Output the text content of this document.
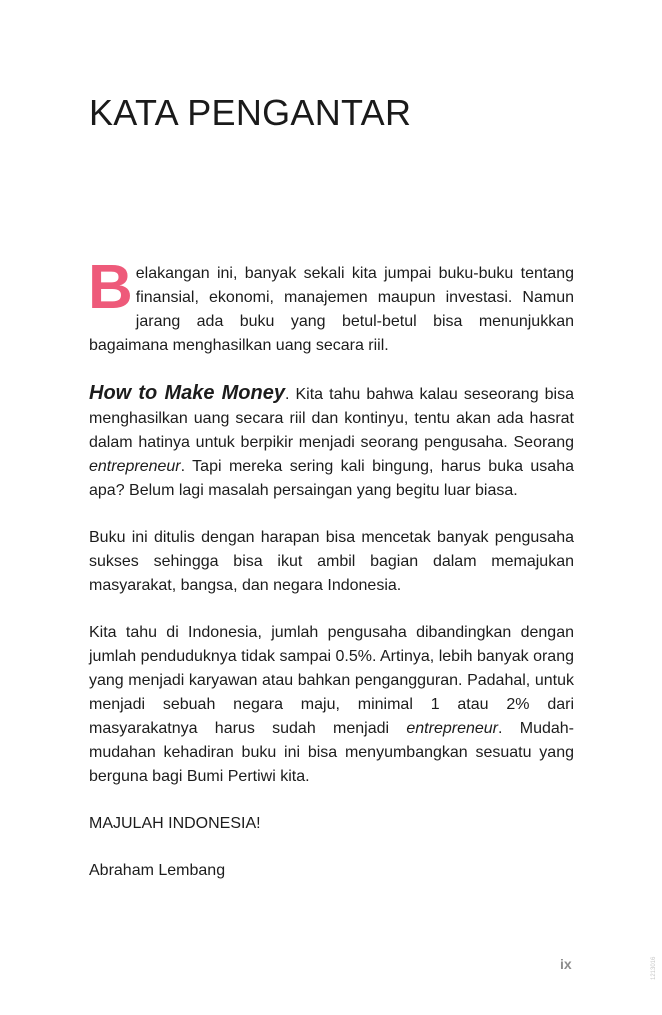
KATA PENGANTAR

Belakangan ini, banyak sekali kita jumpai buku-buku tentang finansial, ekonomi, manajemen maupun investasi. Namun jarang ada buku yang betul-betul bisa menunjukkan bagaimana menghasilkan uang secara riil.

How to Make Money. Kita tahu bahwa kalau seseorang bisa menghasilkan uang secara riil dan kontinyu, tentu akan ada hasrat dalam hatinya untuk berpikir menjadi seorang pengusaha. Seorang entrepreneur. Tapi mereka sering kali bingung, harus buka usaha apa? Belum lagi masalah persaingan yang begitu luar biasa.

Buku ini ditulis dengan harapan bisa mencetak banyak pengusaha sukses sehingga bisa ikut ambil bagian dalam memajukan masyarakat, bangsa, dan negara Indonesia.

Kita tahu di Indonesia, jumlah pengusaha dibandingkan dengan jumlah penduduknya tidak sampai 0.5%. Artinya, lebih banyak orang yang menjadi karyawan atau bahkan pengangguran. Padahal, untuk menjadi sebuah negara maju, minimal 1 atau 2% dari masyarakatnya harus sudah menjadi entrepreneur. Mudah-mudahan kehadiran buku ini bisa menyumbangkan sesuatu yang berguna bagi Bumi Pertiwi kita.

MAJULAH INDONESIA!

Abraham Lembang

ix	1213016
